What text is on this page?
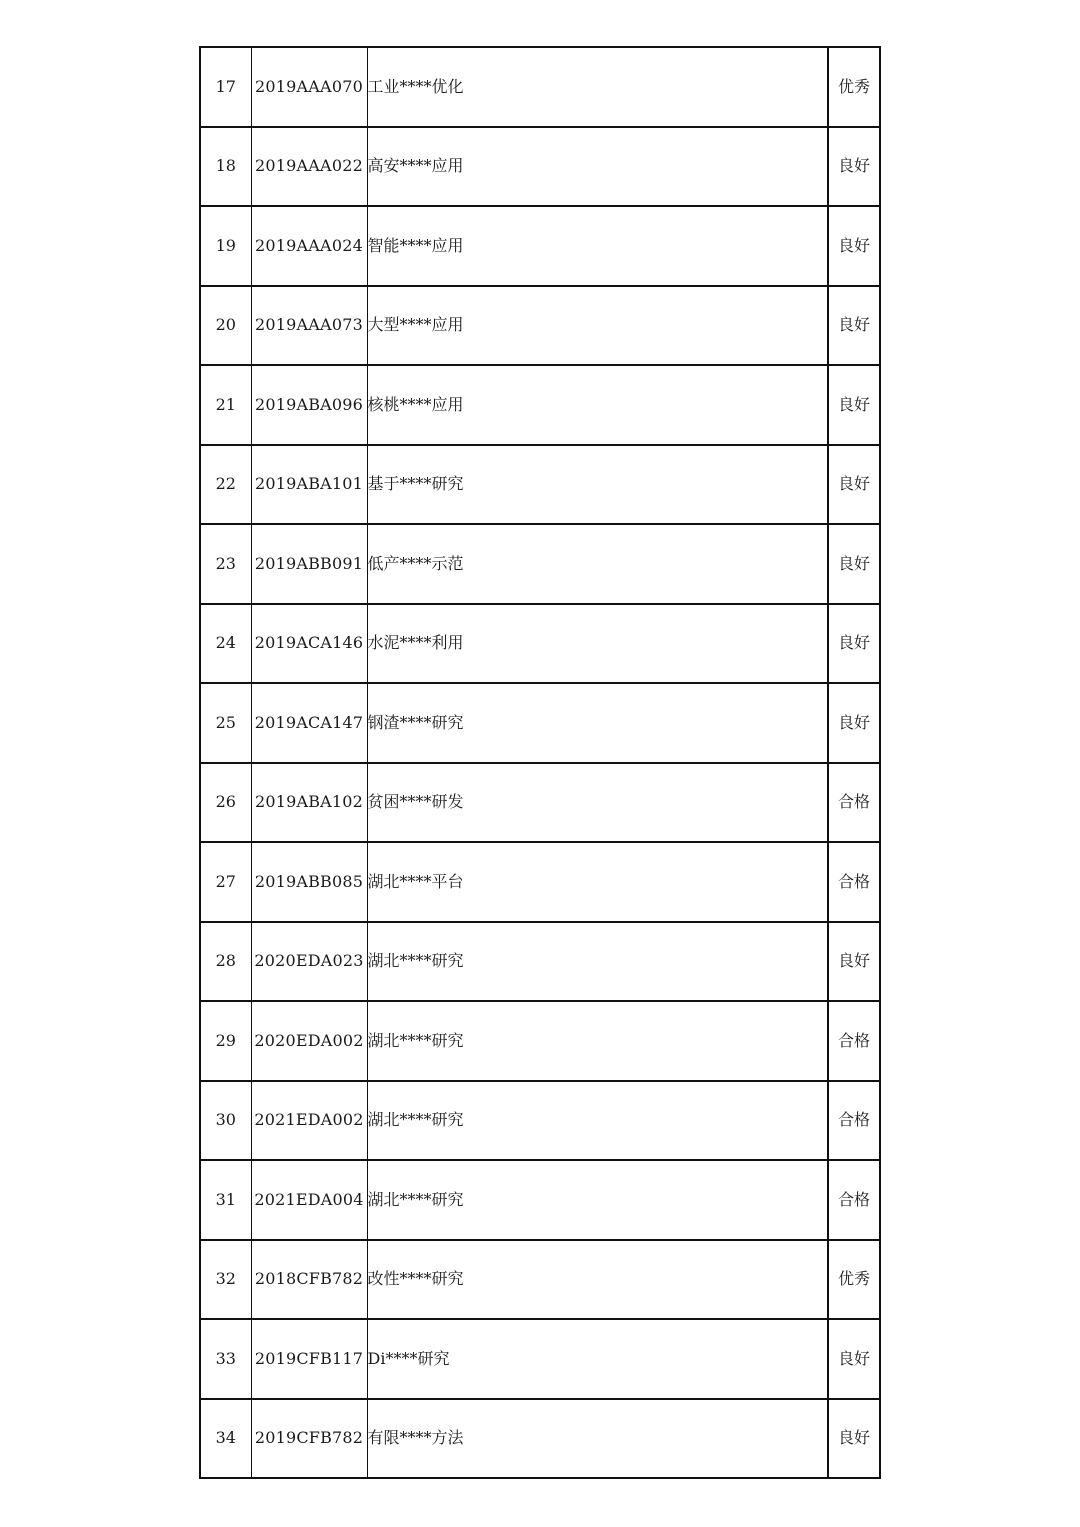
17	2019AAA070	工业****优化	优秀
18	2019AAA022	高安****应用	良好
19	2019AAA024	智能****应用	良好
20	2019AAA073	大型****应用	良好
21	2019ABA096	核桃****应用	良好
22	2019ABA101	基于****研究	良好
23	2019ABB091	低产****示范	良好
24	2019ACA146	水泥****利用	良好
25	2019ACA147	钢渣****研究	良好
26	2019ABA102	贫困****研发	合格
27	2019ABB085	湖北****平台	合格
28	2020EDA023	湖北****研究	良好
29	2020EDA002	湖北****研究	合格
30	2021EDA002	湖北****研究	合格
31	2021EDA004	湖北****研究	合格
32	2018CFB782	改性****研究	优秀
33	2019CFB117	Di****研究	良好
34	2019CFB782	有限****方法	良好
